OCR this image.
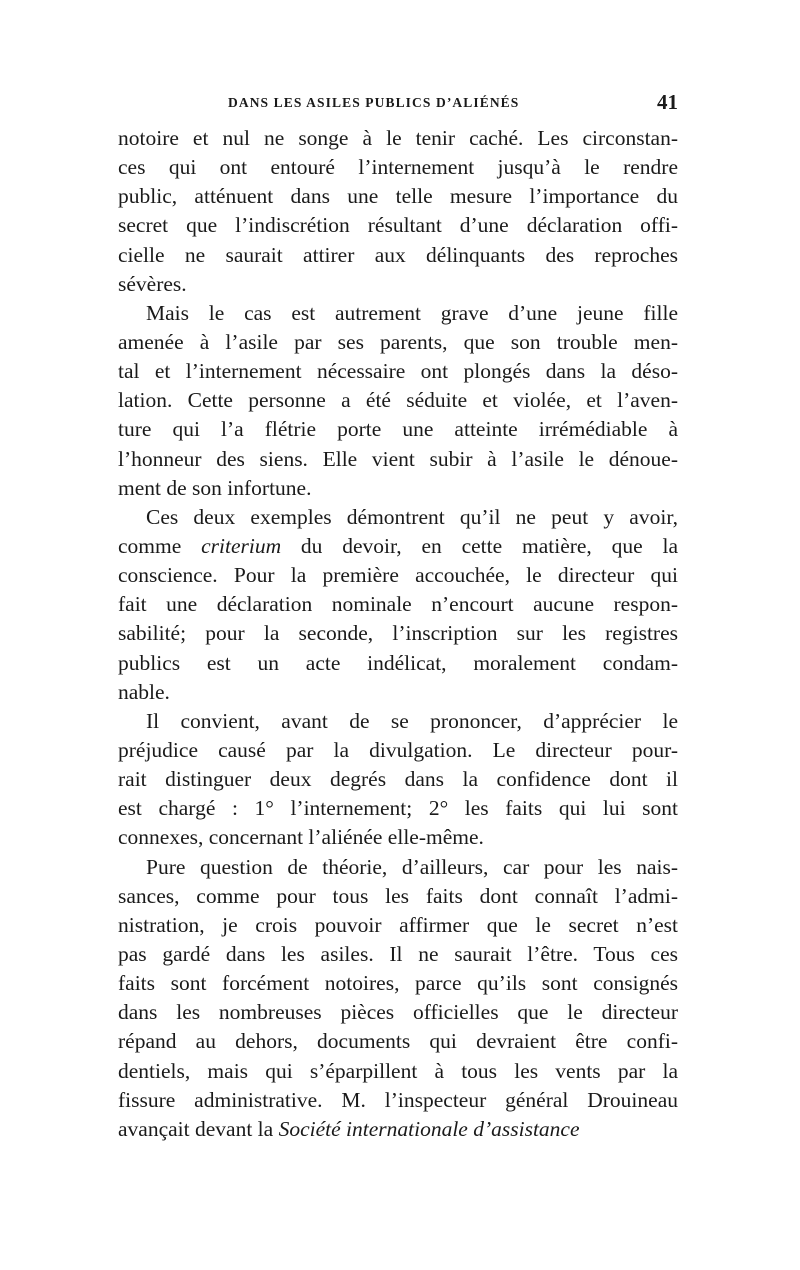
DANS LES ASILES PUBLICS D’ALIÉNÉS	41
notoire et nul ne songe à le tenir caché. Les circonstan-
ces qui ont entouré l’internement jusqu’à le rendre
public, atténuent dans une telle mesure l’importance du
secret que l’indiscrétion résultant d’une déclaration offi-
cielle ne saurait attirer aux délinquants des reproches
sévères.
Mais le cas est autrement grave d’une jeune fille
amenée à l’asile par ses parents, que son trouble men-
tal et l’internement nécessaire ont plongés dans la déso-
lation. Cette personne a été séduite et violée, et l’aven-
ture qui l’a flétrie porte une atteinte irrémédiable à
l’honneur des siens. Elle vient subir à l’asile le dénoue-
ment de son infortune.
Ces deux exemples démontrent qu’il ne peut y avoir,
comme criterium du devoir, en cette matière, que la
conscience. Pour la première accouchée, le directeur qui
fait une déclaration nominale n’encourt aucune respon-
sabilité; pour la seconde, l’inscription sur les registres
publics est un acte indélicat, moralement condam-
nable.
Il convient, avant de se prononcer, d’apprécier le
préjudice causé par la divulgation. Le directeur pour-
rait distinguer deux degrés dans la confidence dont il
est chargé : 1° l’internement; 2° les faits qui lui sont
connexes, concernant l’aliénée elle-même.
Pure question de théorie, d’ailleurs, car pour les nais-
sances, comme pour tous les faits dont connaît l’admi-
nistration, je crois pouvoir affirmer que le secret n’est
pas gardé dans les asiles. Il ne saurait l’être. Tous ces
faits sont forcément notoires, parce qu’ils sont consignés
dans les nombreuses pièces officielles que le directeur
répand au dehors, documents qui devraient être confi-
dentiels, mais qui s’éparpillent à tous les vents par la
fissure administrative. M. l’inspecteur général Drouineau
avançait devant la Société internationale d’assistance
